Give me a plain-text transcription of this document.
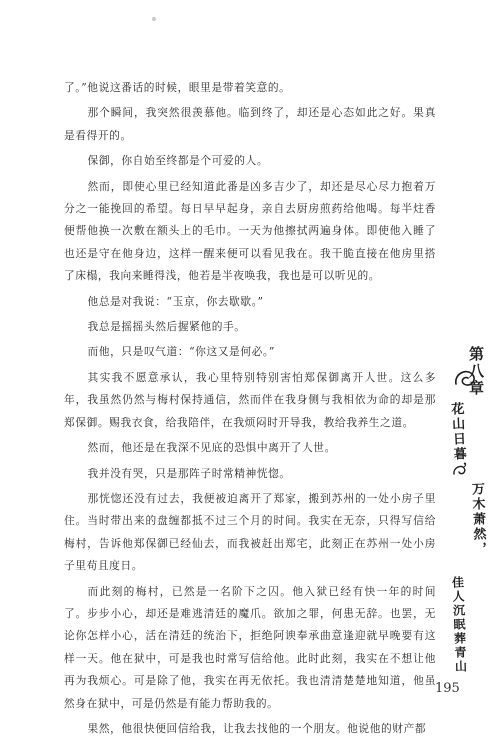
了。”他说这番话的时候，眼里是带着笑意的。

那个瞬间，我突然很羡慕他。临到终了，却还是心态如此之好。果真是看得开的。

保御，你自始至终都是个可爱的人。

然而，即使心里已经知道此番是凶多吉少了，却还是尽心尽力抱着万分之一能挽回的希望。每日早早起身，亲自去厨房煎药给他喝。每半炷香便帮他换一次敷在额头上的毛巾。一天为他擦拭两遍身体。即使他入睡了也还是守在他身边，这样一醒来便可以看见我在。我干脆直接在他房里搭了床榻，我向来睡得浅，他若是半夜唤我，我也是可以听见的。

他总是对我说：“玉京，你去歇歇。”

我总是摇摇头然后握紧他的手。

而他，只是叹气道：“你这又是何必。”

其实我不愿意承认，我心里特别特别害怕郑保御离开人世。这么多年，我虽然仍然与梅村保持通信，然而伴在我身侧与我相依为命的却是那郑保御。赐我衣食，给我陪伴，在我烦闷时开导我，教给我养生之道。

然而，他还是在我深不见底的恐惧中离开了人世。

我并没有哭，只是那阵子时常精神恍惚。

那恍惚还没有过去，我便被迫离开了郑家，搬到苏州的一处小房子里住。当时带出来的盘缠都抵不过三个月的时间。我实在无奈，只得写信给梅村，告诉他郑保御已经仙去，而我被赶出郑宅，此刻正在苏州一处小房子里苟且度日。

而此刻的梅村，已然是一名阶下之囚。他入狱已经有快一年的时间了。步步小心，却还是难逃清廷的魔爪。欲加之罪，何患无辞。也罢，无论你怎样小心，活在清廷的统治下，拒绝阿谀奉承曲意逢迎就早晚要有这样一天。他在狱中，可是我也时常写信给他。此时此刻，我实在不想让他再为我烦心。可是除了他，我实在再无依托。我也清清楚楚地知道，他虽然身在狱中，可是仍然是有能力帮助我的。

果然，他很快便回信给我，让我去找他的一个朋友。他说他的财产都

第八章
花山日暮，
万木萧然，
佳人沉眠葬青山
195
